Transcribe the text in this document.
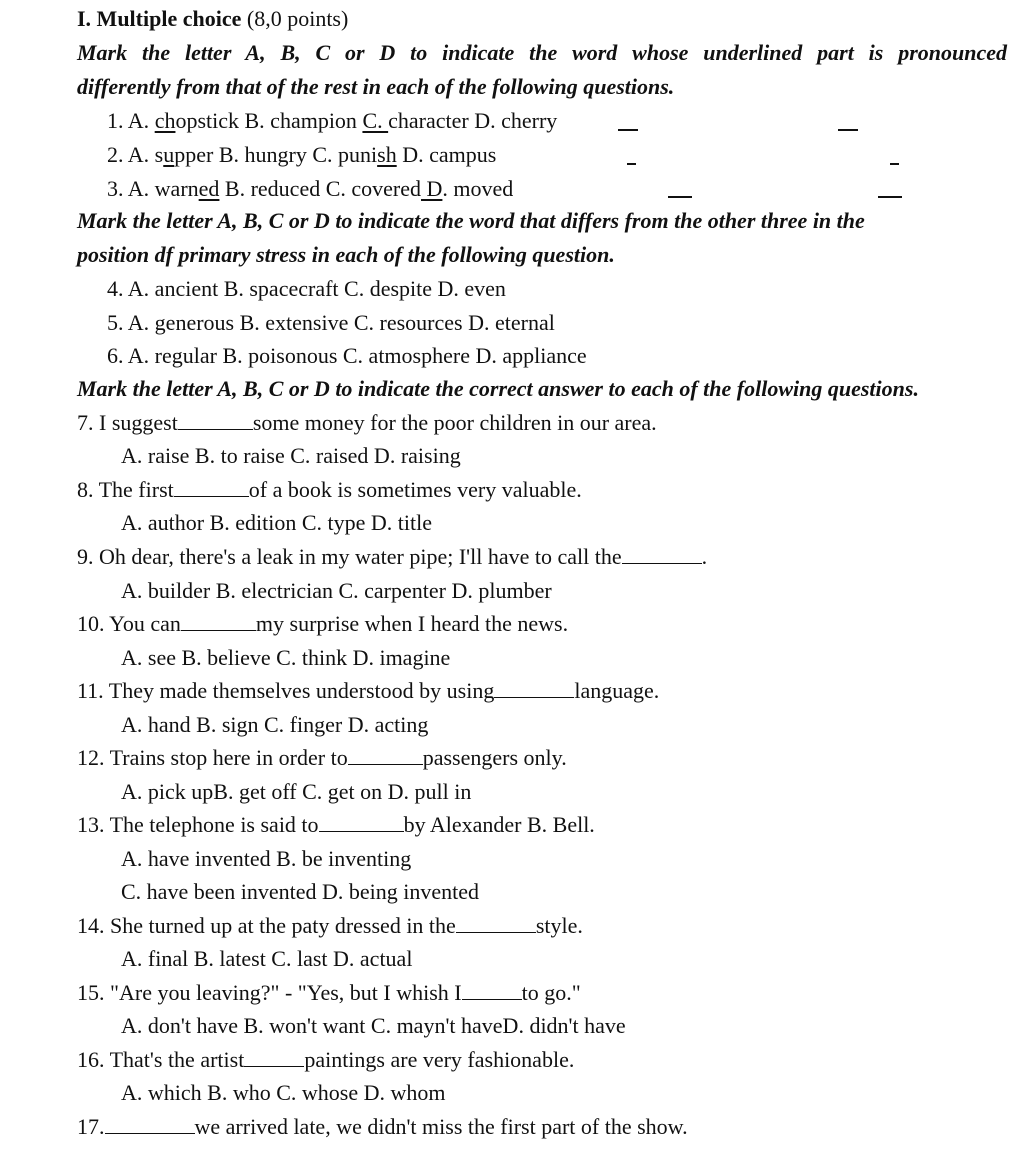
I. Multiple choice (8,0 points)
Mark the letter A, B, C or D to indicate the word whose underlined part is pronounced
differently from that of the rest in each of the following questions.
1. A. chopstick B. champion C. character D. cherry
2. A. supper B. hungry C. punish D. campus
3. A. warned B. reduced C. covered D. moved
Mark the letter A, B, C or D to indicate the word that differs from the other three in the
position df primary stress in each of the following question.
4. A. ancient B. spacecraft C. despite D. even
5. A. generous B. extensive C. resources D. eternal
6. A. regular B. poisonous C. atmosphere D. appliance
Mark the letter A, B, C or D to indicate the correct answer to each of the following questions.
7. I suggest	some money for the poor children in our area.
A. raise B. to raise C. raised D. raising
8. The first	of a book is sometimes very valuable.
A. author B. edition C. type D. title
9. Oh dear, there's a leak in my water pipe; I'll have to call the	.
A. builder B. electrician C. carpenter D. plumber
10. You can	my surprise when I heard the news.
A. see B. believe C. think D. imagine
11. They made themselves understood by using	language.
A. hand B. sign C. finger D. acting
12. Trains stop here in order to	passengers only.
A. pick upB. get off C. get on D. pull in
13. The telephone is said to	by Alexander B. Bell.
A. have invented B. be inventing
C. have been invented D. being invented
14. She turned up at the paty dressed in the	style.
A. final B. latest C. last D. actual
15. "Are you leaving?" - "Yes, but I whish I	to go."
A. don't have B. won't want C. mayn't haveD. didn't have
16. That's the artist	paintings are very fashionable.
A. which B. who C. whose D. whom
17.	we arrived late, we didn't miss the first part of the show.
